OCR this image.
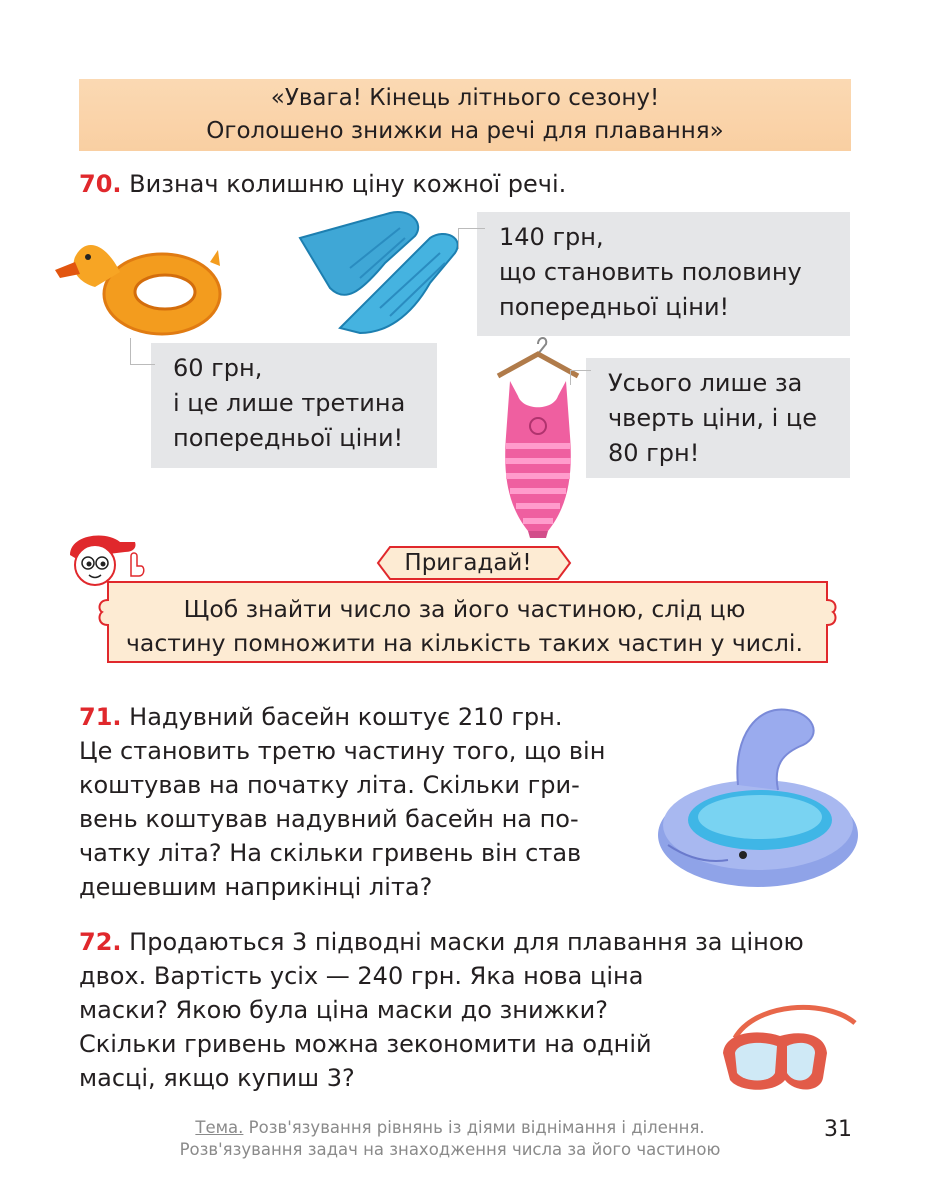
«Увага! Кінець літнього сезону!
Оголошено знижки на речі для плавання»
70. Визнач колишню ціну кожної речі.
140 грн,
що становить половину
попередньої ціни!
60 грн,
і це лише третина
попередньої ціни!
Усього лише за
чверть ціни, і це
80 грн!
Пригадай!
Щоб знайти число за його частиною, слід цю
частину помножити на кількість таких частин у числі.
71. Надувний басейн коштує 210 грн.
Це становить третю частину того, що він
коштував на початку літа. Скільки гри-
вень коштував надувний басейн на по-
чатку літа? На скільки гривень він став
дешевшим наприкінці літа?
72. Продаються 3 підводні маски для плавання за ціною
двох. Вартість усіх — 240 грн. Яка нова ціна
маски? Якою була ціна маски до знижки?
Скільки гривень можна зекономити на одній
масці, якщо купиш 3?
Тема. Розв'язування рівнянь із діями віднімання і ділення.
Розв'язування задач на знаходження числа за його частиною
31
